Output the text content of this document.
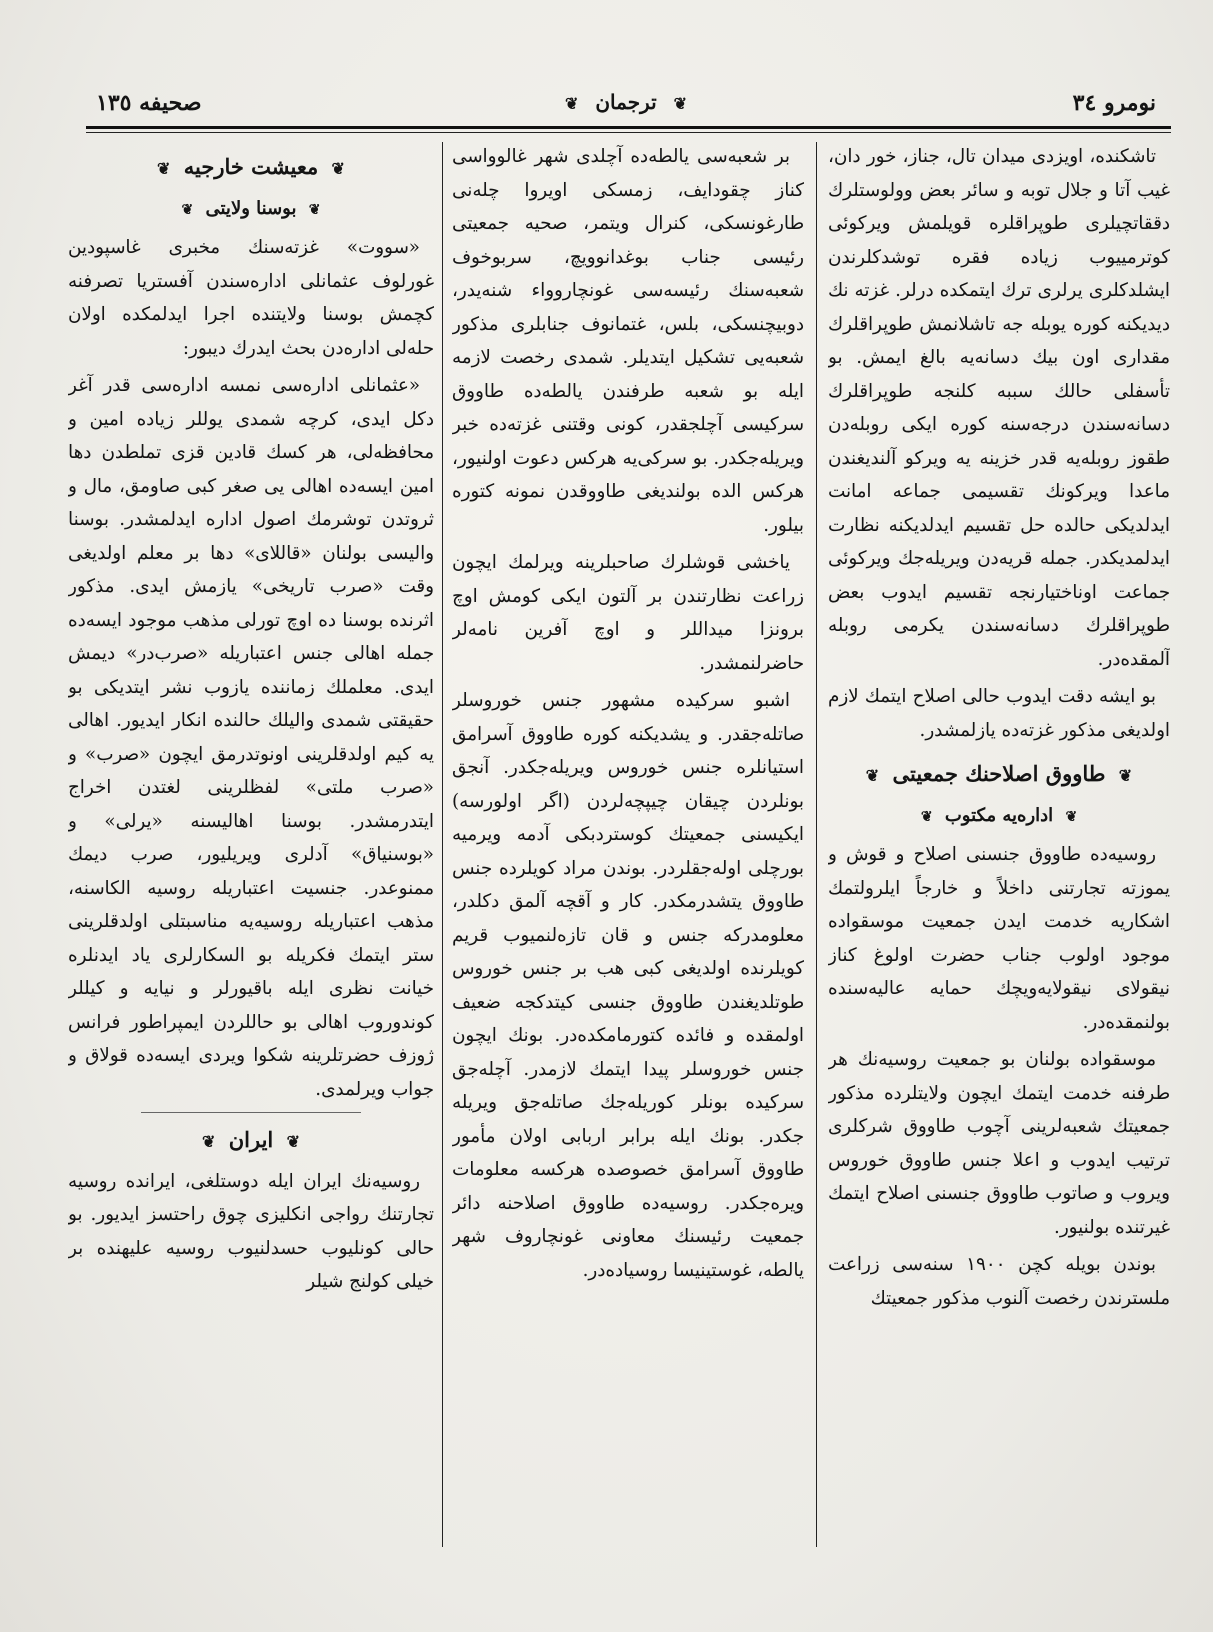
صحيفه ١٣٥	❦ ترجمان ❦	نومرو ٣٤

تاشكنده، اويزدى ميدان تال، جناز، خور دان، غيب آتا و جلال توبه و سائر بعض وولوستلرك دققاتچيلرى طوپراقلره قويلمش ويركوئى كوترمييوب زياده فقره توشدكلرندن ايشلدكلرى يرلرى ترك ايتمكده درلر. غزته نك ديديكنه كوره يوبله جه تاشلانمش طوپراقلرك مقدارى اون بيك دسانه‌يه بالغ ايمش. بو تأسفلى حالك سببه كلنجه طوپراقلرك دسانه‌سندن درجه‌سنه كوره ايكى روبله‌دن طقوز روبله‌يه قدر خزينه يه ويركو آلنديغندن ماعدا ويركونك تقسيمى جماعه امانت ايدلديكى حالده حل تقسيم ايدلديكنه نظارت ايدلمديكدر. جمله قريه‌دن ويريله‌جك ويركوئى جماعت اوناختيارنجه تقسيم ايدوب بعض طوپراقلرك دسانه‌سندن يكرمى روبله آلمقده‌در.

بو ايشه دقت ايدوب حالى اصلاح ايتمك لازم اولديغى مذكور غزته‌ده يازلمشدر.

❦ طاووق اصلاحنك جمعيتى ❦
❦ اداره‌يه مكتوب ❦

روسيه‌ده طاووق جنسنى اصلاح و قوش و يموزته تجارتنى داخلاً و خارجاً ايلرولتمك اشكاريه خدمت ايدن جمعيت موسقواده موجود اولوب جناب حضرت اولوغ كناز نيقولاى نيقولايه‌ويچك حمايه عاليه‌سنده بولنمقده‌در.

موسقواده بولنان بو جمعيت روسيه‌نك هر طرفنه خدمت ايتمك ايچون ولايتلرده مذكور جمعيتك شعبه‌لرينى آچوب طاووق شركلرى ترتيب ايدوب و اعلا جنس طاووق خوروس ويروب و صاتوب طاووق جنسنى اصلاح ايتمك غيرتنده بولنيور.

بوندن بويله كچن ١٩٠٠ سنه‌سى زراعت ملسترندن رخصت آلنوب مذكور جمعيتك

بر شعبه‌سى يالطه‌ده آچلدى شهر غالوواسى كناز چقودايف، زمسكى اويروا چله‌نى طارغونسكى، كنرال ويتمر، صحيه جمعيتى رئيسى جناب بوغدانوويچ، سربوخوف شعبه‌سنك رئيسه‌سى غونچاروواء شنه‌يدر، دوبيچنسكى، بلس، غتمانوف جنابلرى مذكور شعبه‌يى تشكيل ايتديلر. شمدى رخصت لازمه ايله بو شعبه طرفندن يالطه‌ده طاووق سركيسى آچلجقدر، كونى وقتنى غزته‌ده خبر ويريله‌جكدر. بو سركى‌يه هركس دعوت اولنيور، هركس الده بولنديغى طاووقدن نمونه كتوره بيلور.

ياخشى قوشلرك صاحبلرينه ويرلمك ايچون زراعت نظارتندن بر آلتون ايكى كومش اوچ برونزا ميداللر و اوچ آفرين نامه‌لر حاضرلنمشدر.

اشبو سركيده مشهور جنس خوروسلر صاتله‌جقدر. و يشديكنه كوره طاووق آسرامق استيانلره جنس خوروس ويريله‌جكدر. آنجق بونلردن چيقان چيپچه‌لردن (اگر اولورسه) ايكيسنى جمعيتك كوستردبكى آدمه ويرميه بورچلى اوله‌جقلردر. بوندن مراد كويلرده جنس طاووق يتشدرمكدر. كار و آقچه آلمق دكلدر، معلومدركه جنس و قان تازه‌لنميوب قريم كويلرنده اولديغى كبى هب بر جنس خوروس طوتلديغندن طاووق جنسى كيتدكجه ضعيف اولمقده و فائده كتورمامكده‌در. بونك ايچون جنس خوروسلر پيدا ايتمك لازمدر. آچله‌جق سركيده بونلر كوريله‌جك صاتله‌جق ويريله جكدر. بونك ايله برابر اربابى اولان مأمور طاووق آسرامق خصوصده هركسه معلومات ويره‌جكدر. روسيه‌ده طاووق اصلاحنه دائر جمعيت رئيسنك معاونى غونچاروف شهر يالطه، غوستينيسا روسيا‌ده‌در.

❦ معيشت خارجيه ❦
❦ بوسنا ولايتى ❦

«سووت» غزته‌سنك مخبرى غاسپودين غورلوف عثمانلى اداره‌سندن آفستريا تصرفنه كچمش بوسنا ولايتنده اجرا ايدلمكده اولان حله‌لى اداره‌دن بحث ايدرك ديبور:

«عثمانلى اداره‌سى نمسه اداره‌سى قدر آغر دكل ايدى، كرچه شمدى يوللر زياده امين و محافظه‌لى، هر كسك قادين قزى تملطدن دها امين ايسه‌ده اهالى يى صغر كبى صاومق، مال و ثروتدن توشرمك اصول اداره ايدلمشدر. بوسنا واليسى بولنان «قاللاى» دها بر معلم اولديغى وقت «صرب تاريخى» يازمش ايدى. مذكور اثرنده بوسنا ده اوچ تورلى مذهب موجود ايسه‌ده جمله اهالى جنس اعتباريله «صرب‌در» ديمش ايدى. معلملك زماننده يازوب نشر ايتديكى بو حقيقتى شمدى واليلك حالنده انكار ايديور. اهالى يه كيم اولدقلرينى اونوتدرمق ايچون «صرب» و «صرب ملتى» لفظلرينى لغتدن اخراج ايتدرمشدر. بوسنا اهاليسنه «يرلى» و «بوسنياق» آدلرى ويريليور، صرب ديمك ممنوعدر. جنسيت اعتباريله روسيه الكاسنه، مذهب اعتباريله روسيه‌يه مناسبتلى اولدقلرينى ستر ايتمك فكريله بو السكارلرى ياد ايدنلره خيانت نظرى ايله باقيورلر و نيايه و كيللر كوندوروب اهالى بو حاللردن ايمپراطور فرانس ژوزف حضرتلرينه شكوا ويردى ايسه‌ده قولاق و جواب ويرلمدى.

❦ ايران ❦

روسيه‌نك ايران ايله دوستلغى، ايرانده روسيه تجارتنك رواجى انكليزى چوق راحتسز ايديور. بو حالى كونليوب حسدلنيوب روسيه عليهنده بر خيلى كولنج شيلر
